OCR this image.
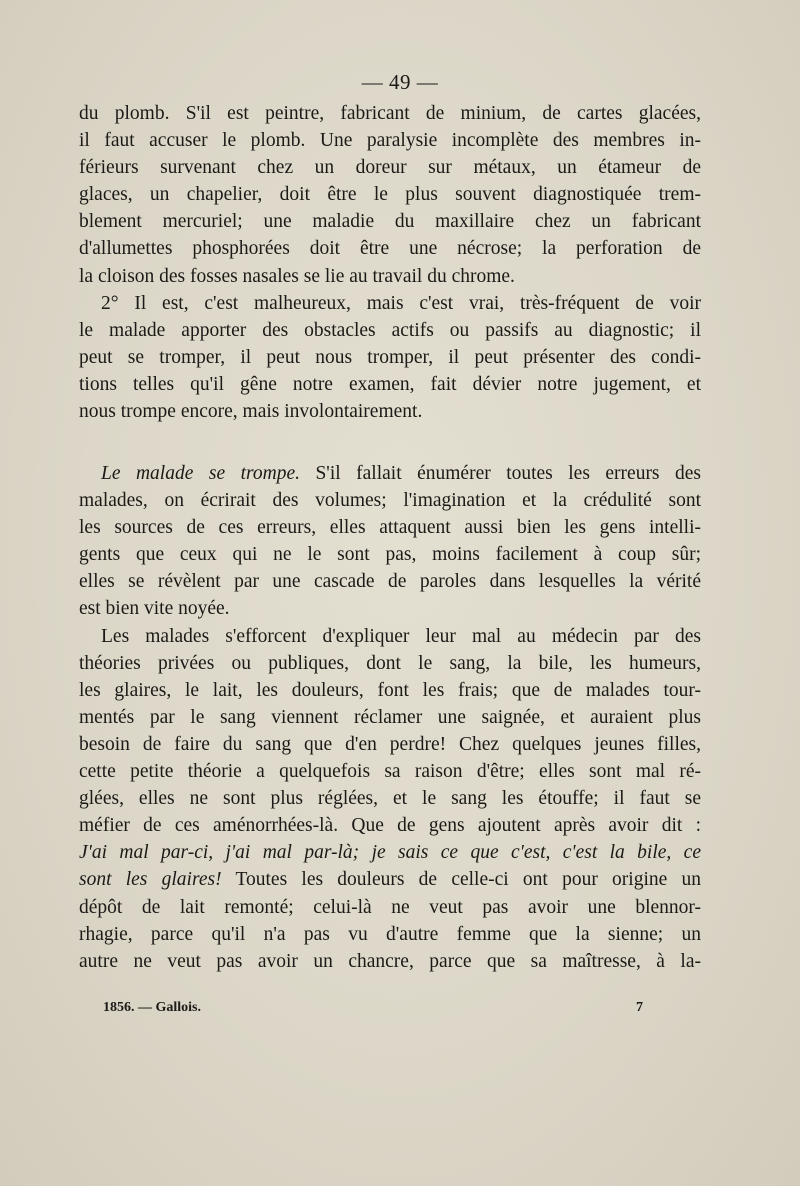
— 49 —
du plomb. S'il est peintre, fabricant de minium, de cartes glacées,
il faut accuser le plomb. Une paralysie incomplète des membres in-
férieurs survenant chez un doreur sur métaux, un étameur de
glaces, un chapelier, doit être le plus souvent diagnostiquée trem-
blement mercuriel; une maladie du maxillaire chez un fabricant
d'allumettes phosphorées doit être une nécrose; la perforation de
la cloison des fosses nasales se lie au travail du chrome.
2° Il est, c'est malheureux, mais c'est vrai, très-fréquent de voir
le malade apporter des obstacles actifs ou passifs au diagnostic; il
peut se tromper, il peut nous tromper, il peut présenter des condi-
tions telles qu'il gêne notre examen, fait dévier notre jugement, et
nous trompe encore, mais involontairement.
Le malade se trompe. S'il fallait énumérer toutes les erreurs des
malades, on écrirait des volumes; l'imagination et la crédulité sont
les sources de ces erreurs, elles attaquent aussi bien les gens intelli-
gents que ceux qui ne le sont pas, moins facilement à coup sûr;
elles se révèlent par une cascade de paroles dans lesquelles la vérité
est bien vite noyée.
Les malades s'efforcent d'expliquer leur mal au médecin par des
théories privées ou publiques, dont le sang, la bile, les humeurs,
les glaires, le lait, les douleurs, font les frais; que de malades tour-
mentés par le sang viennent réclamer une saignée, et auraient plus
besoin de faire du sang que d'en perdre! Chez quelques jeunes filles,
cette petite théorie a quelquefois sa raison d'être; elles sont mal ré-
glées, elles ne sont plus réglées, et le sang les étouffe; il faut se
méfier de ces aménorrhées-là. Que de gens ajoutent après avoir dit :
J'ai mal par-ci, j'ai mal par-là; je sais ce que c'est, c'est la bile, ce
sont les glaires! Toutes les douleurs de celle-ci ont pour origine un
dépôt de lait remonté; celui-là ne veut pas avoir une blennor-
rhagie, parce qu'il n'a pas vu d'autre femme que la sienne; un
autre ne veut pas avoir un chancre, parce que sa maîtresse, à la-
1856. — Gallois.	7
